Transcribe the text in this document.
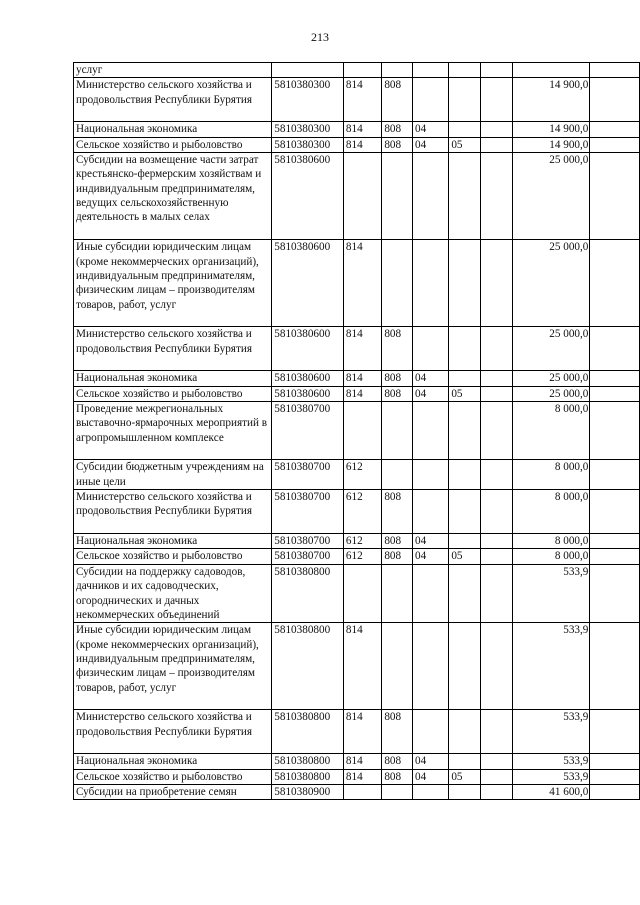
213
услуг								
Министерство сельского хозяйства и продовольствия Республики Бурятия	5810380300	814	808				14 900,0	
Национальная экономика	5810380300	814	808	04			14 900,0	
Сельское хозяйство и рыболовство	5810380300	814	808	04	05		14 900,0	
Субсидии на возмещение части затрат крестьянско-фермерским хозяйствам и индивидуальным предпринимателям, ведущих сельскохозяйственную деятельность в малых селах	5810380600						25 000,0	
Иные субсидии юридическим лицам (кроме некоммерческих организаций), индивидуальным предпринимателям, физическим лицам – производителям товаров, работ, услуг	5810380600	814					25 000,0	
Министерство сельского хозяйства и продовольствия Республики Бурятия	5810380600	814	808				25 000,0	
Национальная экономика	5810380600	814	808	04			25 000,0	
Сельское хозяйство и рыболовство	5810380600	814	808	04	05		25 000,0	
Проведение межрегиональных выставочно-ярмарочных мероприятий в агропромышленном комплексе	5810380700						8 000,0	
Субсидии бюджетным учреждениям на иные цели	5810380700	612					8 000,0	
Министерство сельского хозяйства и продовольствия Республики Бурятия	5810380700	612	808				8 000,0	
Национальная экономика	5810380700	612	808	04			8 000,0	
Сельское хозяйство и рыболовство	5810380700	612	808	04	05		8 000,0	
Субсидии на поддержку садоводов, дачников и их садоводческих, огороднических и дачных некоммерческих объединений	5810380800						533,9	
Иные субсидии юридическим лицам (кроме некоммерческих организаций), индивидуальным предпринимателям, физическим лицам – производителям товаров, работ, услуг	5810380800	814					533,9	
Министерство сельского хозяйства и продовольствия Республики Бурятия	5810380800	814	808				533,9	
Национальная экономика	5810380800	814	808	04			533,9	
Сельское хозяйство и рыболовство	5810380800	814	808	04	05		533,9	
Субсидии на приобретение семян	5810380900						41 600,0	
